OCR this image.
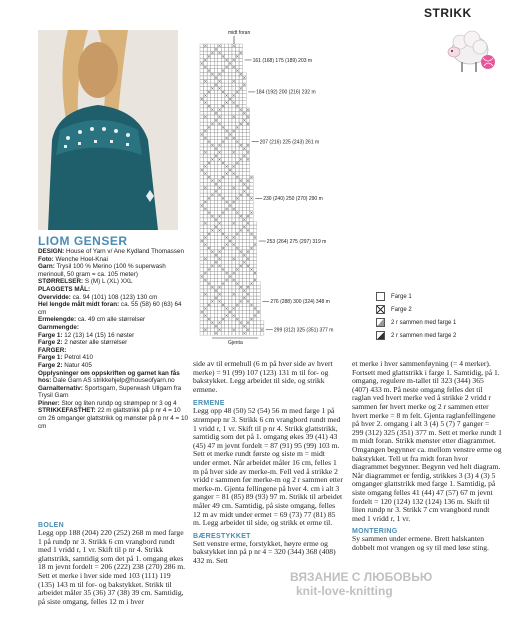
STRIKK
LIOM GENSER
DESIGN: House of Yarn v/ Ane Kydland Thomassen Foto: Wenche Hoel-Knai
Garn: Trysil 100 % Merino (100 % superwash merinoull, 50 gram = ca. 105 meter)
STØRRELSER: S (M) L (XL) XXL
PLAGGETS MÅL:
Overvidde: ca. 94 (101) 108 (123) 130 cm
Hel lengde målt midt foran: ca. 55 (58) 60 (63) 64 cm
Ermelengde: ca. 49 cm alle størrelser
Garnmengde:
Farge 1: 12 (13) 14 (15) 16 nøster
Farge 2: 2 nøster alle størrelser
FARGER:
Farge 1: Petrol 410
Farge 2: Natur 405
Opplysninger om oppskriften og garnet kan fås hos: Dale Garn AS strikkehjelp@houseofyarn.no
Garnalternativ: Sportsgarn, Superwash Ullgarn fra Trysil Garn
Pinner: Stor og liten rundp og strømpep nr 3 og 4
STRIKKEFASTHET: 22 m glattstrikk på p nr 4 = 10 cm 26 omganger glattstrikk og mønster på p nr 4 = 10 cm
BOLEN
Legg opp 188 (204) 220 (252) 268 m med farge 1 på rundp nr 3. Strikk 6 cm vrangbord rundt med 1 vridd r, 1 vr. Skift til p nr 4. Strikk glattstrikk, samtidig som det på 1. omgang økes 18 m jevnt fordelt = 206 (222) 238 (270) 286 m. Sett et merke i hver side med 103 (111) 119 (135) 143 m til for- og bakstykket. Strikk til arbeidet måler 35 (36) 37 (38) 39 cm. Samtidig, på siste omgang, felles 12 m i hver
side av til ermehull (6 m på hver side av hvert merke) = 91 (99) 107 (123) 131 m til for- og bakstykket. Legg arbeidet til side, og strikk ermene.
ERMENE
Legg opp 48 (50) 52 (54) 56 m med farge 1 på strømpep nr 3. Strikk 6 cm vrangbord rundt med 1 vridd r, 1 vr. Skift til p nr 4. Strikk glattstrikk, samtidig som det på 1. omgang økes 39 (41) 43 (45) 47 m jevnt fordelt = 87 (91) 95 (99) 103 m. Sett et merke rundt første og siste m = midt under ermet. Når arbeidet måler 16 cm, felles 1 m på hver side av merke-m. Fell ved å strikke 2 vridd r sammen før merke-m og 2 r sammen etter merke-m. Gjenta fellingene på hver 4. cm i alt 3 ganger = 81 (85) 89 (93) 97 m. Strikk til arbeidet måler 49 cm. Samtidig, på siste omgang, felles 12 m av midt under ermet = 69 (73) 77 (81) 85 m. Legg arbeidet til side, og strikk et erme til.
BÆRESTYKKET
Sett venstre erme, forstykket, høyre erme og bakstykket inn på p nr 4 = 320 (344) 368 (408) 432 m. Sett
et merke i hver sammenføyning (= 4 merker). Fortsett med glattstrikk i farge 1. Samtidig, på 1. omgang, regulere m-tallet til 323 (344) 365 (407) 433 m. På neste omgang felles det til raglan ved hvert merke ved å strikke 2 vridd r sammen før hvert merke og 2 r sammen etter hvert merke = 8 m felt. Gjenta raglanfellingene på hver 2. omgang i alt 3 (4) 5 (7) 7 ganger = 299 (312) 325 (351) 377 m. Sett et merke rundt 1 m midt foran. Strikk mønster etter diagrammet. Omgangen begynner ca. mellom venstre erme og bakstykket. Tell ut fra midt foran hvor diagrammet begynner. Begynn ved helt diagram. Når diagrammet er ferdig, strikkes 3 (3) 4 (3) 5 omganger glattstrikk med farge 1. Samtidig, på siste omgang felles 41 (44) 47 (57) 67 m jevnt fordelt = 120 (124) 132 (124) 136 m. Skift til liten rundp nr 3. Strikk 7 cm vrangbord rundt med 1 vridd r, 1 vr.
MONTERING
Sy sammen under ermene. Brett halskanten dobbelt mot vrangen og sy til med løse sting.
midt foran
Gjenta
161 (168) 175 (189) 203 m
184 (192) 200 (216) 232 m
207 (216) 225 (243) 261 m
230 (240) 250 (270) 290 m
253 (264) 275 (297) 319 m
276 (288) 300 (324) 348 m
299 (312) 325 (351) 377 m
Farge 1
Farge 2
2 r sammen med farge 1
2 r sammen med farge 2
ВЯЗАНИЕ С ЛЮБОВЬЮ
knit-love-knitting
